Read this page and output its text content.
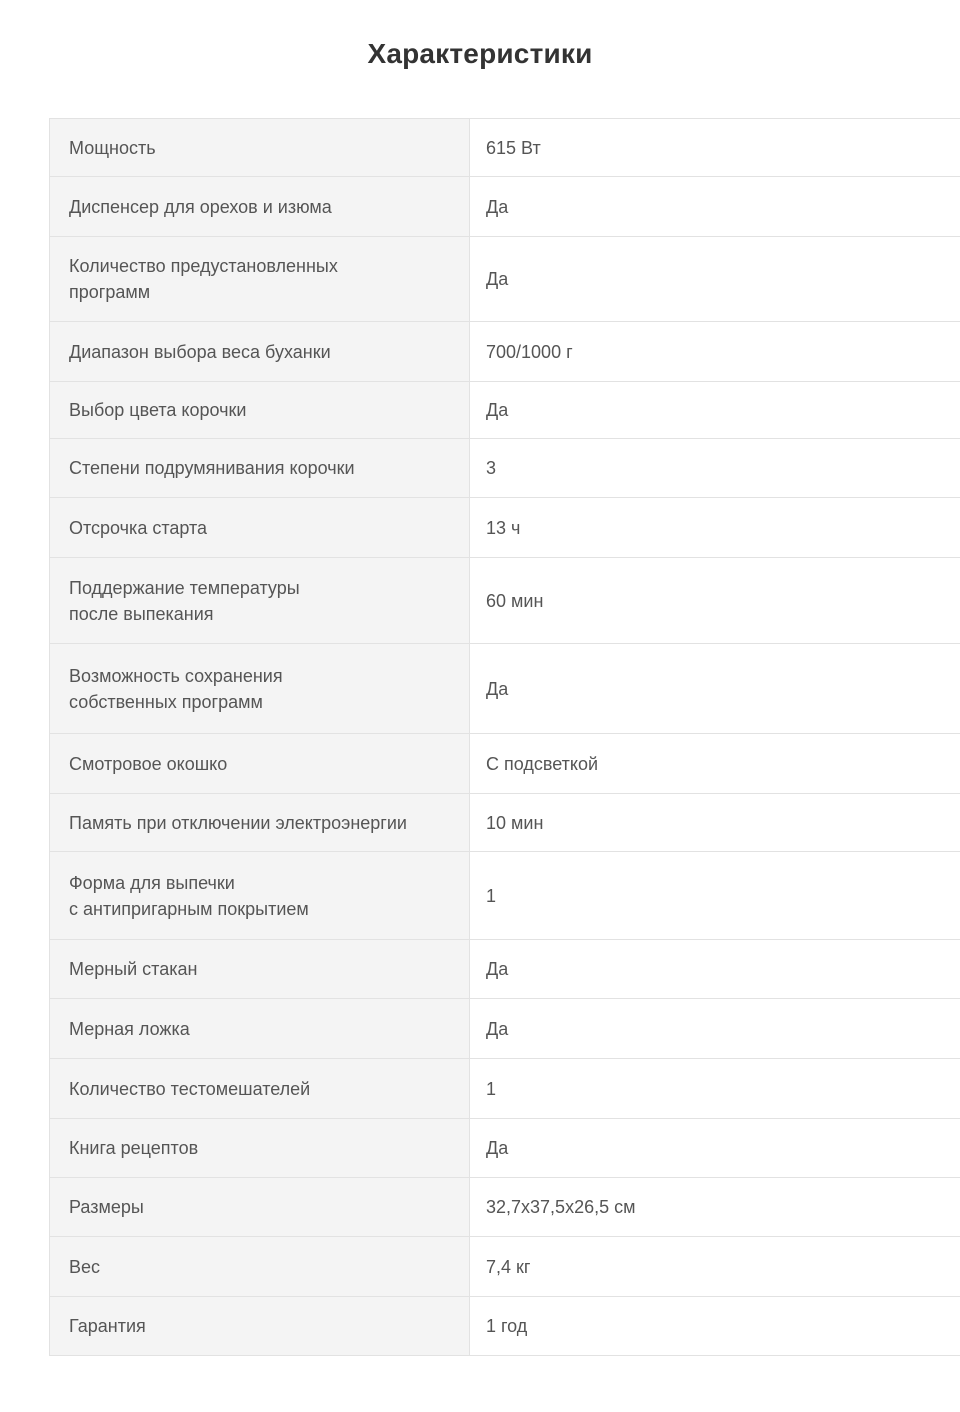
Характеристики
Мощность	615 Вт
Диспенсер для орехов и изюма	Да
Количество предустановленных
программ	Да
Диапазон выбора веса буханки	700/1000 г
Выбор цвета корочки	Да
Степени подрумянивания корочки	3
Отсрочка старта	13 ч
Поддержание температуры
после выпекания	60 мин
Возможность сохранения
собственных программ	Да
Смотровое окошко	С подсветкой
Память при отключении электроэнергии	10 мин
Форма для выпечки
с антипригарным покрытием	1
Мерный стакан	Да
Мерная ложка	Да
Количество тестомешателей	1
Книга рецептов	Да
Размеры	32,7x37,5x26,5 см
Вес	7,4 кг
Гарантия	1 год
